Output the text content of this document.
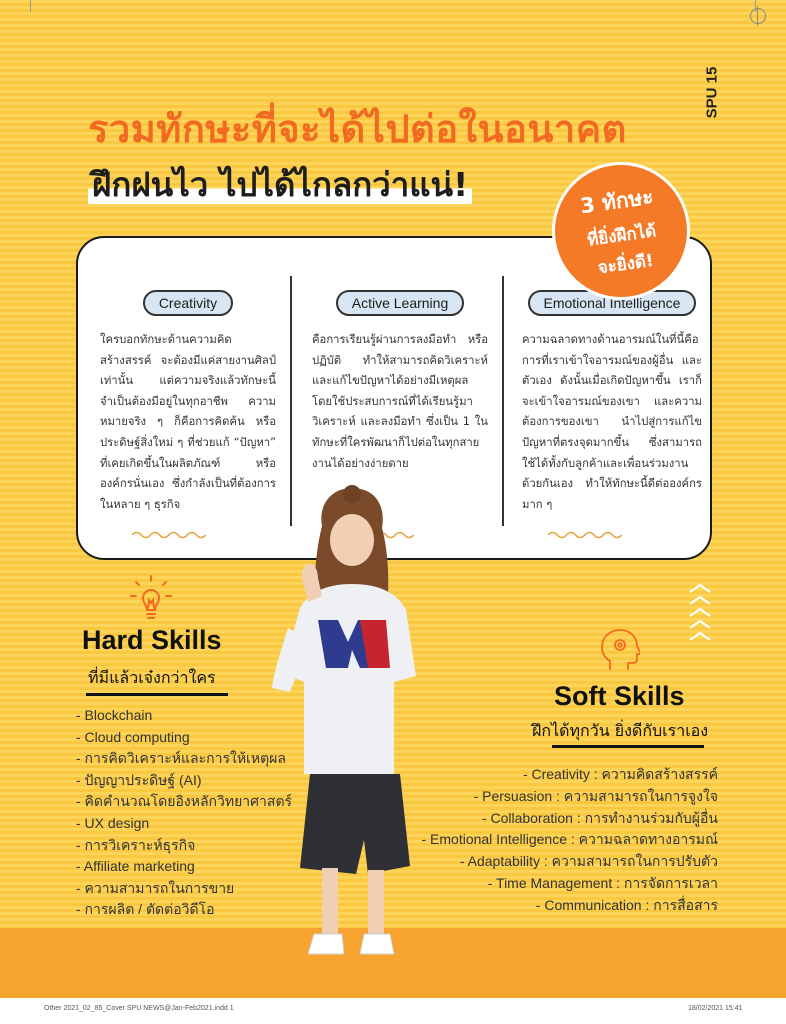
SPU 15
รวมทักษะที่จะได้ไปต่อในอนาคต
ฝึกฝนไว ไปได้ไกลกว่าแน่!
Creativity

ใครบอกทักษะด้านความคิดสร้างสรรค์ จะต้องมีแค่สายงานศิลป์เท่านั้น แต่ความจริงแล้วทักษะนี้จำเป็นต้องมีอยู่ในทุกอาชีพ ความหมายจริง ๆ ก็คือการคิดค้น หรือประดิษฐ์สิ่งใหม่ ๆ ที่ช่วยแก้ “ปัญหา” ที่เคยเกิดขึ้นในผลิตภัณฑ์ หรือองค์กรนั่นเอง ซึ่งกำลังเป็นที่ต้องการในหลาย ๆ ธุรกิจ

Active Learning

คือการเรียนรู้ผ่านการลงมือทำ หรือปฏิบัติ ทำให้สามารถคิดวิเคราะห์ และแก้ไขปัญหาได้อย่างมีเหตุผล โดยใช้ประสบการณ์ที่ได้เรียนรู้มาวิเคราะห์ และลงมือทำ ซึ่งเป็น 1 ในทักษะที่ใครพัฒนาก็ไปต่อในทุกสายงานได้อย่างง่ายดาย

Emotional Intelligence

ความฉลาดทางด้านอารมณ์ในที่นี้คือการที่เราเข้าใจอารมณ์ของผู้อื่น และตัวเอง ดังนั้นเมื่อเกิดปัญหาขึ้น เราก็จะเข้าใจอารมณ์ของเขา และความต้องการของเขา นำไปสู่การแก้ไขปัญหาที่ตรงจุดมากขึ้น ซึ่งสามารถใช้ได้ทั้งกับลูกค้าและเพื่อนร่วมงานด้วยกันเอง ทำให้ทักษะนี้ดีต่อองค์กรมาก ๆ

3 ทักษะ
ที่ยิ่งฝึกได้
จะยิ่งดี!
Hard Skills
ที่มีแล้วเจ๋งกว่าใคร
- Blockchain
- Cloud computing
- การคิดวิเคราะห์และการให้เหตุผล
- ปัญญาประดิษฐ์ (AI)
- คิดคำนวณโดยอิงหลักวิทยาศาสตร์
- UX design
- การวิเคราะห์ธุรกิจ
- Affiliate marketing
- ความสามารถในการขาย
- การผลิต / ตัดต่อวิดีโอ
Soft Skills
ฝึกได้ทุกวัน ยิ่งดีกับเราเอง
- Creativity : ความคิดสร้างสรรค์
- Persuasion : ความสามารถในการจูงใจ
- Collaboration : การทำงานร่วมกับผู้อื่น
- Emotional Intelligence : ความฉลาดทางอารมณ์
- Adaptability : ความสามารถในการปรับตัว
- Time Management : การจัดการเวลา
- Communication : การสื่อสาร
Other 2021_02_85_Cover SPU NEWS@Jan-Feb2021.indd 1	18/02/2021 15:41
